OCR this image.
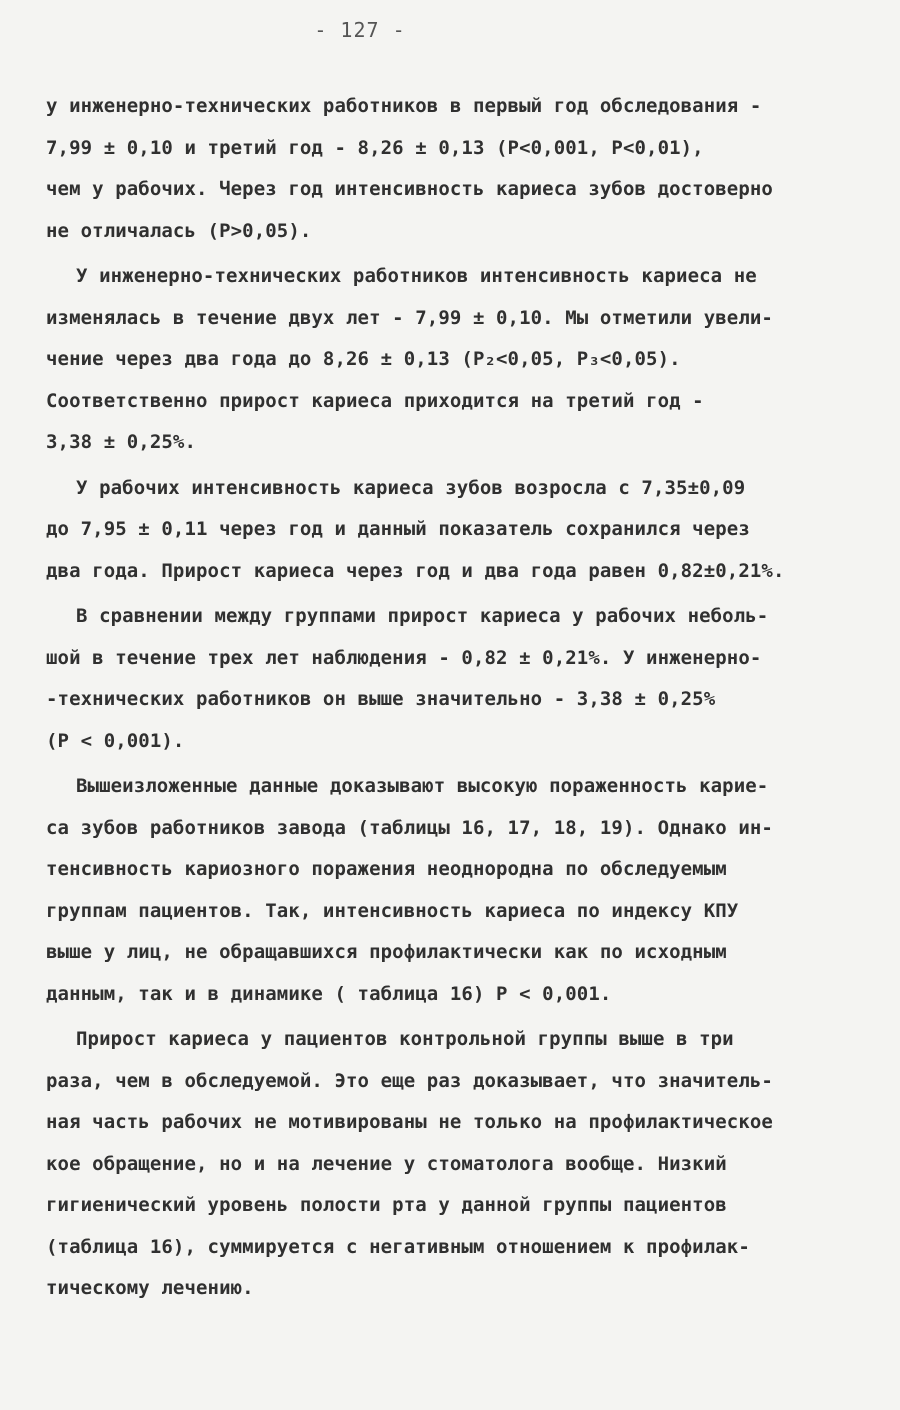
- 127 -
у инженерно-технических работников в первый год обследования -
7,99 ± 0,10 и третий год - 8,26 ± 0,13 (Р<0,001, Р<0,01),
чем у рабочих. Через год интенсивность кариеса зубов достоверно
не отличалась (Р>0,05).
У инженерно-технических работников интенсивность кариеса не
изменялась в течение двух лет - 7,99 ± 0,10. Мы отметили увели-
чение через два года до 8,26 ± 0,13 (Р₂<0,05, Р₃<0,05).
Соответственно прирост кариеса приходится на третий год -
3,38 ± 0,25%.
У рабочих интенсивность кариеса зубов возросла с 7,35±0,09
до 7,95 ± 0,11 через год и данный показатель сохранился через
два года. Прирост кариеса через год и два года равен 0,82±0,21%.
В сравнении между группами прирост кариеса у рабочих неболь-
шой в течение трех лет наблюдения - 0,82 ± 0,21%. У инженерно-
-технических работников он выше значительно - 3,38 ± 0,25%
(Р < 0,001).
Вышеизложенные данные доказывают высокую пораженность карие-
са зубов работников завода (таблицы 16, 17, 18, 19). Однако ин-
тенсивность кариозного поражения неоднородна по обследуемым
группам пациентов. Так, интенсивность кариеса по индексу КПУ
выше у лиц, не обращавшихся профилактически как по исходным
данным, так и в динамике ( таблица 16) Р < 0,001.
Прирост кариеса у пациентов контрольной группы выше в три
раза, чем в обследуемой. Это еще раз доказывает, что значитель-
ная часть рабочих не мотивированы не только на профилактическое
кое обращение, но и на лечение у стоматолога вообще. Низкий
гигиенический уровень полости рта у данной группы пациентов
(таблица 16), суммируется с негативным отношением к профилак-
тическому лечению.
